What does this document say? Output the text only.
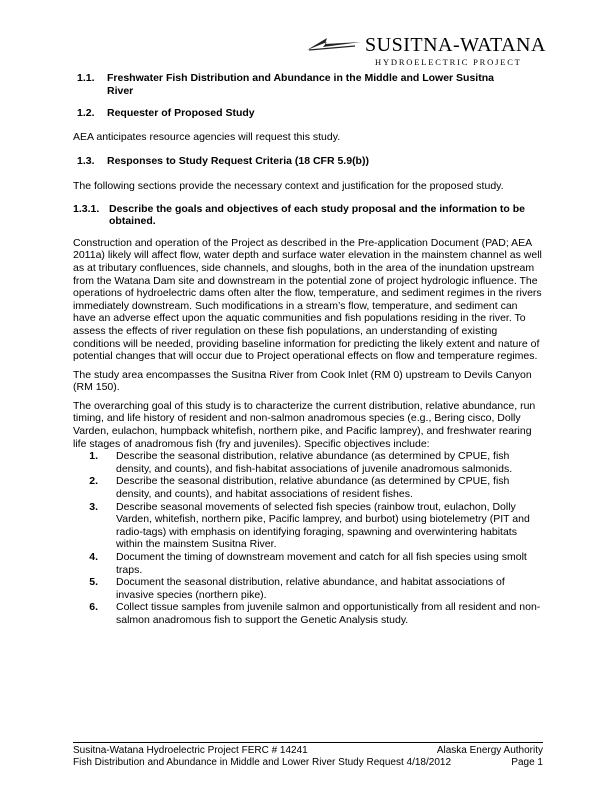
SUSITNA-WATANA
HYDROELECTRIC PROJECT
1.1.	Freshwater Fish Distribution and Abundance in the Middle and Lower Susitna River
1.2.	Requester of Proposed Study

AEA anticipates resource agencies will request this study.

1.3.	Responses to Study Request Criteria (18 CFR 5.9(b))

The following sections provide the necessary context and justification for the proposed study.

1.3.1. Describe the goals and objectives of each study proposal and the information to be obtained.

Construction and operation of the Project as described in the Pre-application Document (PAD; AEA 2011a) likely will affect flow, water depth and surface water elevation in the mainstem channel as well as at tributary confluences, side channels, and sloughs, both in the area of the inundation upstream from the Watana Dam site and downstream in the potential zone of project hydrologic influence. The operations of hydroelectric dams often alter the flow, temperature, and sediment regimes in the rivers immediately downstream. Such modifications in a stream’s flow, temperature, and sediment can have an adverse effect upon the aquatic communities and fish populations residing in the river. To assess the effects of river regulation on these fish populations, an understanding of existing conditions will be needed, providing baseline information for predicting the likely extent and nature of potential changes that will occur due to Project operational effects on flow and temperature regimes.

The study area encompasses the Susitna River from Cook Inlet (RM 0) upstream to Devils Canyon (RM 150).

The overarching goal of this study is to characterize the current distribution, relative abundance, run timing, and life history of resident and non-salmon anadromous species (e.g., Bering cisco, Dolly Varden, eulachon, humpback whitefish, northern pike, and Pacific lamprey), and freshwater rearing life stages of anadromous fish (fry and juveniles). Specific objectives include:

1.	Describe the seasonal distribution, relative abundance (as determined by CPUE, fish density, and counts), and fish-habitat associations of juvenile anadromous salmonids.
2.	Describe the seasonal distribution, relative abundance (as determined by CPUE, fish density, and counts), and habitat associations of resident fishes.
3.	Describe seasonal movements of selected fish species (rainbow trout, eulachon, Dolly Varden, whitefish, northern pike, Pacific lamprey, and burbot) using biotelemetry (PIT and radio-tags) with emphasis on identifying foraging, spawning and overwintering habitats within the mainstem Susitna River.
4.	Document the timing of downstream movement and catch for all fish species using smolt traps.
5.	Document the seasonal distribution, relative abundance, and habitat associations of invasive species (northern pike).
6.	Collect tissue samples from juvenile salmon and opportunistically from all resident and non-salmon anadromous fish to support the Genetic Analysis study.
Susitna-Watana Hydroelectric Project FERC # 14241	Alaska Energy Authority
Fish Distribution and Abundance in Middle and Lower River Study Request 4/18/2012	Page 1
